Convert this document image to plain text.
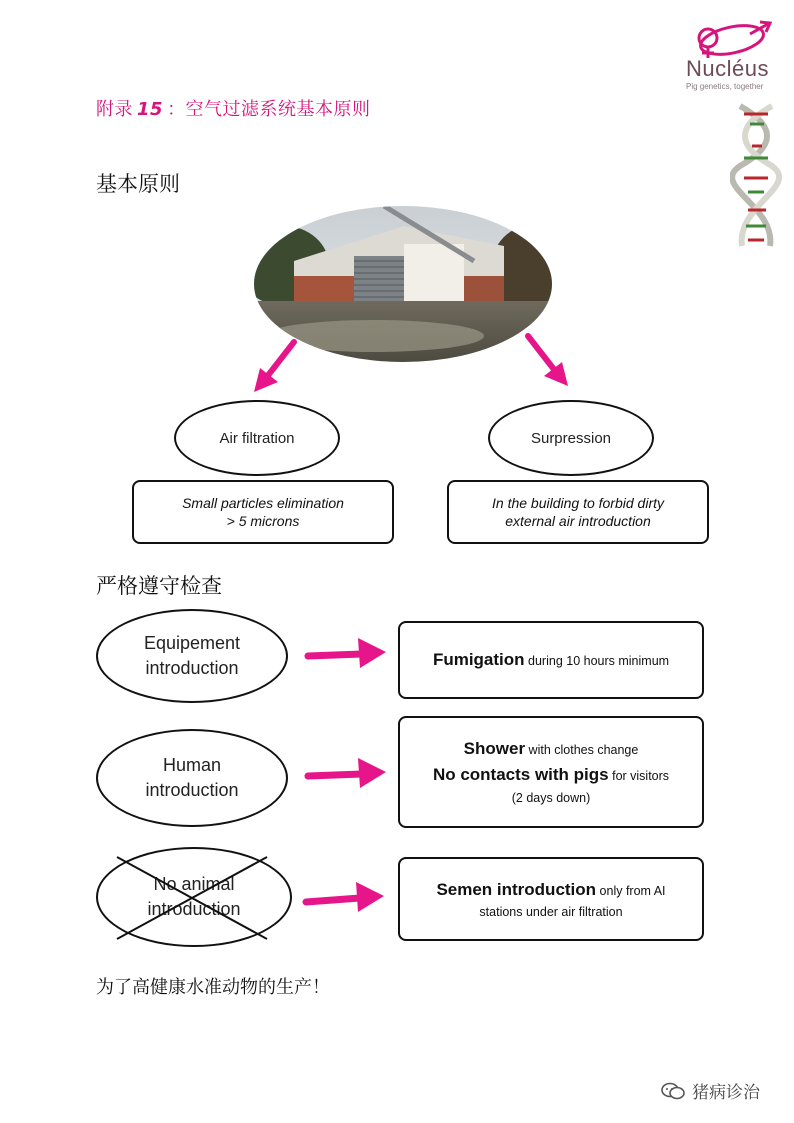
附录 15 ：空气过滤系统基本原则
Nucléus
Pig genetics, together
基本原则
Air filtration
Small particles elimination
> 5 microns
Surpression
In the building to forbid dirty
external air introduction
严格遵守检查
Equipement
introduction	Fumigation during 10 hours minimum
Human
introduction
Shower with clothes change
No contacts with pigs for visitors
(2 days down)
animal
introduction
Semen introduction only from AI
stations under air filtration
为了高健康水准动物的生产！
猪病诊治
